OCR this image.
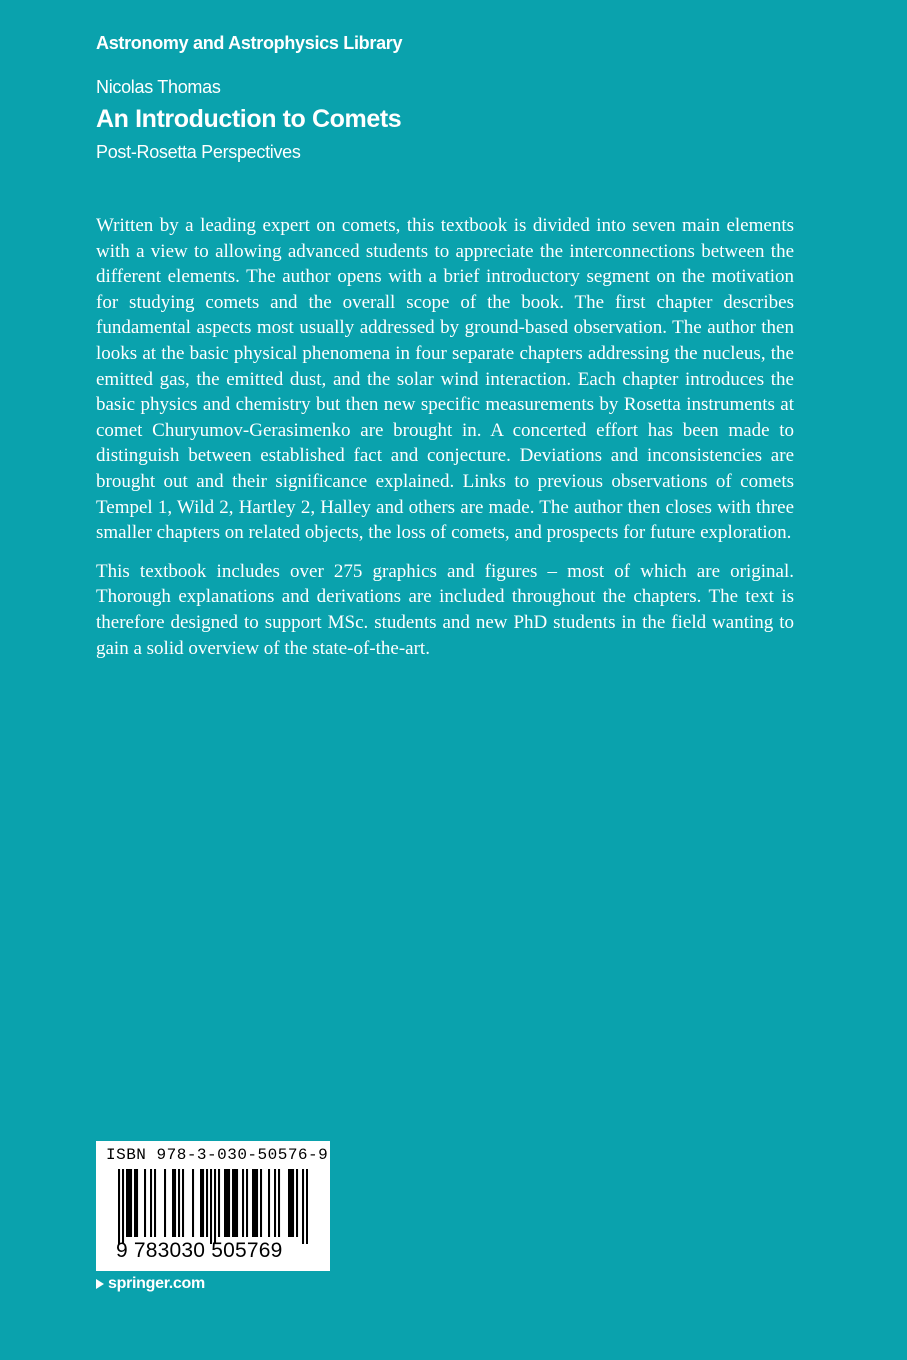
Astronomy and Astrophysics Library
Nicolas Thomas
An Introduction to Comets
Post-Rosetta Perspectives

Written by a leading expert on comets, this textbook is divided into seven main elements with a view to allowing advanced students to appreciate the interconnections between the different elements. The author opens with a brief introductory segment on the motivation for studying comets and the overall scope of the book. The first chapter describes fundamental aspects most usually addressed by ground-based observation. The author then looks at the basic physical phenomena in four separate chapters addressing the nucleus, the emitted gas, the emitted dust, and the solar wind interaction. Each chapter introduces the basic physics and chemistry but then new specific measurements by Rosetta instruments at comet Churyumov-Gerasimenko are brought in. A concerted effort has been made to distinguish between established fact and conjecture. Deviations and inconsistencies are brought out and their significance explained. Links to previous observations of comets Tempel 1, Wild 2, Hartley 2, Halley and others are made. The author then closes with three smaller chapters on related objects, the loss of comets, and prospects for future exploration.

This textbook includes over 275 graphics and figures – most of which are original. Thorough explanations and derivations are included throughout the chapters. The text is therefore designed to support MSc. students and new PhD students in the field wanting to gain a solid overview of the state-of-the-art.

ISBN 978-3-030-50576-9
9 783030 505769
springer.com
